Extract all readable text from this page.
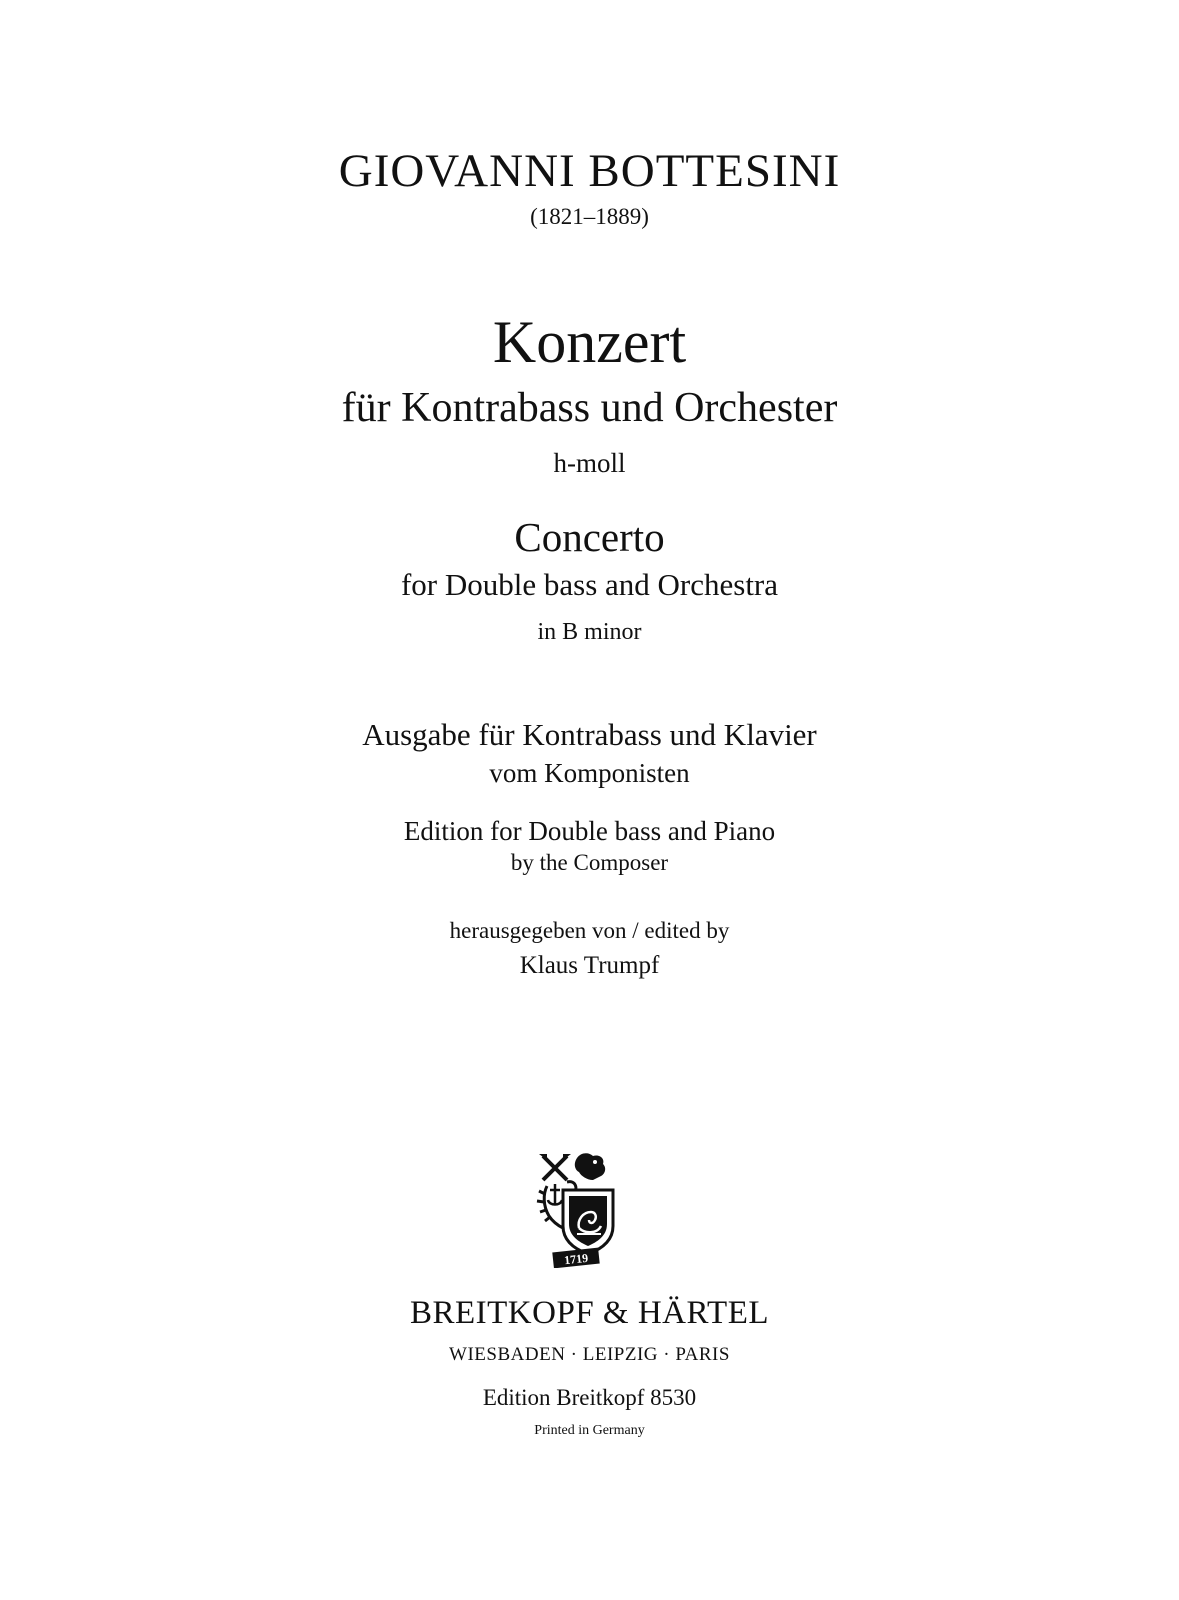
GIOVANNI BOTTESINI
(1821–1889)
Konzert
für Kontrabass und Orchester
h-moll
Concerto
for Double bass and Orchestra
in B minor
Ausgabe für Kontrabass und Klavier
vom Komponisten
Edition for Double bass and Piano
by the Composer
herausgegeben von / edited by
Klaus Trumpf
1719
BREITKOPF & HÄRTEL
WIESBADEN · LEIPZIG · PARIS
Edition Breitkopf 8530
Printed in Germany
